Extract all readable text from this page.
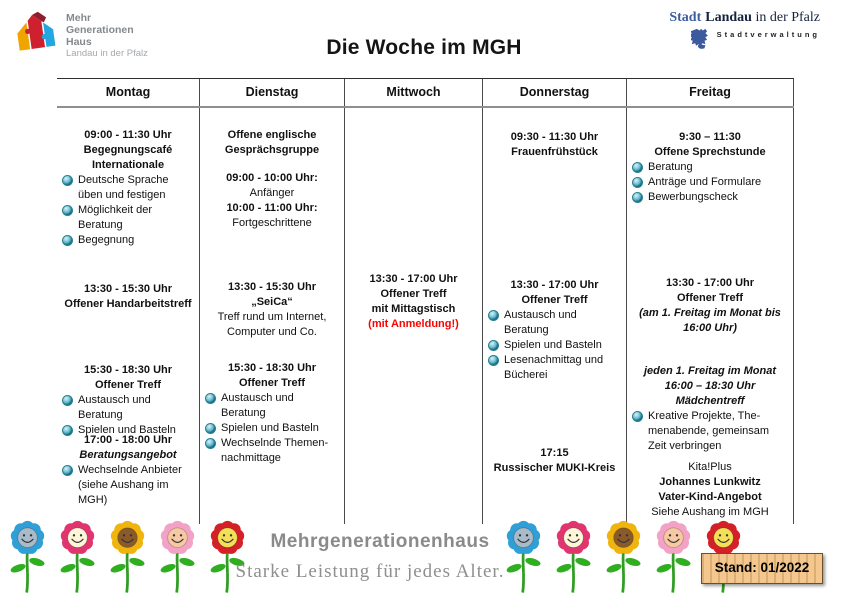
Mehr
Generationen
Haus
Landau in der Pfalz	Die Woche im MGH
Stadt Landau in der Pfalz
Stadtverwaltung
Montag
09:00 - 11:30 Uhr
Begegnungscafé
Internationale
Deutsche Sprache üben und festigen
Möglichkeit der Beratung
Begegnung
13:30 - 15:30 Uhr
Offener Handarbeitstreff
15:30 - 18:30 Uhr
Offener Treff
Austausch und Beratung
Spielen und Basteln
17:00 - 18:00 Uhr
Beratungsangebot
Wechselnde Anbieter (siehe Aushang im MGH)
Dienstag
Offene englische Gesprächsgruppe
09:00 - 10:00 Uhr:
Anfänger
10:00 - 11:00 Uhr:
Fortgeschrittene
13:30 - 15:30 Uhr
„SeiCa“
Treff rund um Internet, Computer und Co.
15:30 - 18:30 Uhr
Offener Treff
Austausch und Beratung
Spielen und Basteln
Wechselnde Themennachmittage
Mittwoch
13:30 - 17:00 Uhr
Offener Treff
mit Mittagstisch
(mit Anmeldung!)
Donnerstag
09:30 - 11:30 Uhr
Frauenfrühstück
13:30 - 17:00 Uhr
Offener Treff
Austausch und Beratung
Spielen und Basteln
Lesenachmittag und Bücherei
17:15
Russischer MUKI-Kreis
Freitag
9:30 – 11:30
Offene Sprechstunde
Beratung
Anträge und Formulare
Bewerbungscheck
13:30 - 17:00 Uhr
Offener Treff
(am 1. Freitag im Monat bis 16:00 Uhr)
jeden 1. Freitag im Monat
16:00 – 18:30 Uhr
Mädchentreff
Kreative Projekte, Themenabende, gemeinsam Zeit verbringen
Kita!Plus
Johannes Lunkwitz
Vater-Kind-Angebot
Siehe Aushang im MGH
Mehrgenerationenhaus
Starke Leistung für jedes Alter.	Stand: 01/2022
